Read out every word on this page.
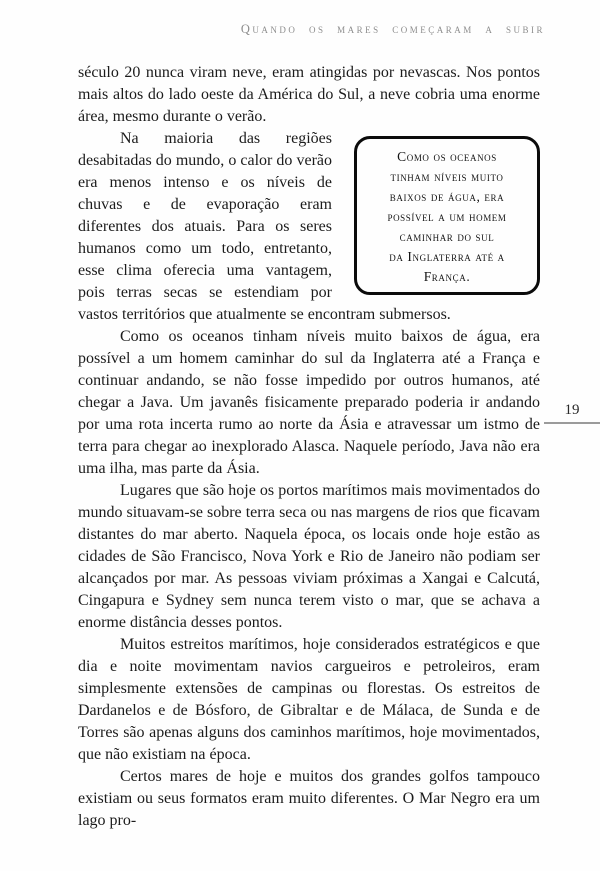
Quando os mares começaram a subir

século 20 nunca viram neve, eram atingidas por nevascas. Nos pontos mais altos do lado oeste da América do Sul, a neve cobria uma enorme área, mesmo durante o verão.

Como os oceanos
tinham níveis muito
baixos de água, era
possível a um homem
caminhar do sul
da Inglaterra até a
França.

Na maioria das regiões desabitadas do mundo, o calor do verão era menos intenso e os níveis de chuvas e de evaporação eram diferentes dos atuais. Para os seres humanos como um todo, entretanto, esse clima oferecia uma vantagem, pois terras secas se estendiam por vastos territórios que atualmente se encontram submersos.

Como os oceanos tinham níveis muito baixos de água, era possível a um homem caminhar do sul da Inglaterra até a França e continuar andando, se não fosse impedido por outros humanos, até chegar a Java. Um javanês fisicamente preparado poderia ir andando por uma rota incerta rumo ao norte da Ásia e atravessar um istmo de terra para chegar ao inexplorado Alasca. Naquele período, Java não era uma ilha, mas parte da Ásia.

Lugares que são hoje os portos marítimos mais movimentados do mundo situavam-se sobre terra seca ou nas margens de rios que ficavam distantes do mar aberto. Naquela época, os locais onde hoje estão as cidades de São Francisco, Nova York e Rio de Janeiro não podiam ser alcançados por mar. As pessoas viviam próximas a Xangai e Calcutá, Cingapura e Sydney sem nunca terem visto o mar, que se achava a enorme distância desses pontos.

Muitos estreitos marítimos, hoje considerados estratégicos e que dia e noite movimentam navios cargueiros e petroleiros, eram simplesmente extensões de campinas ou florestas. Os estreitos de Dardanelos e de Bósforo, de Gibraltar e de Málaca, de Sunda e de Torres são apenas alguns dos caminhos marítimos, hoje movimentados, que não existiam na época.

Certos mares de hoje e muitos dos grandes golfos tampouco existiam ou seus formatos eram muito diferentes. O Mar Negro era um lago pro-

19
